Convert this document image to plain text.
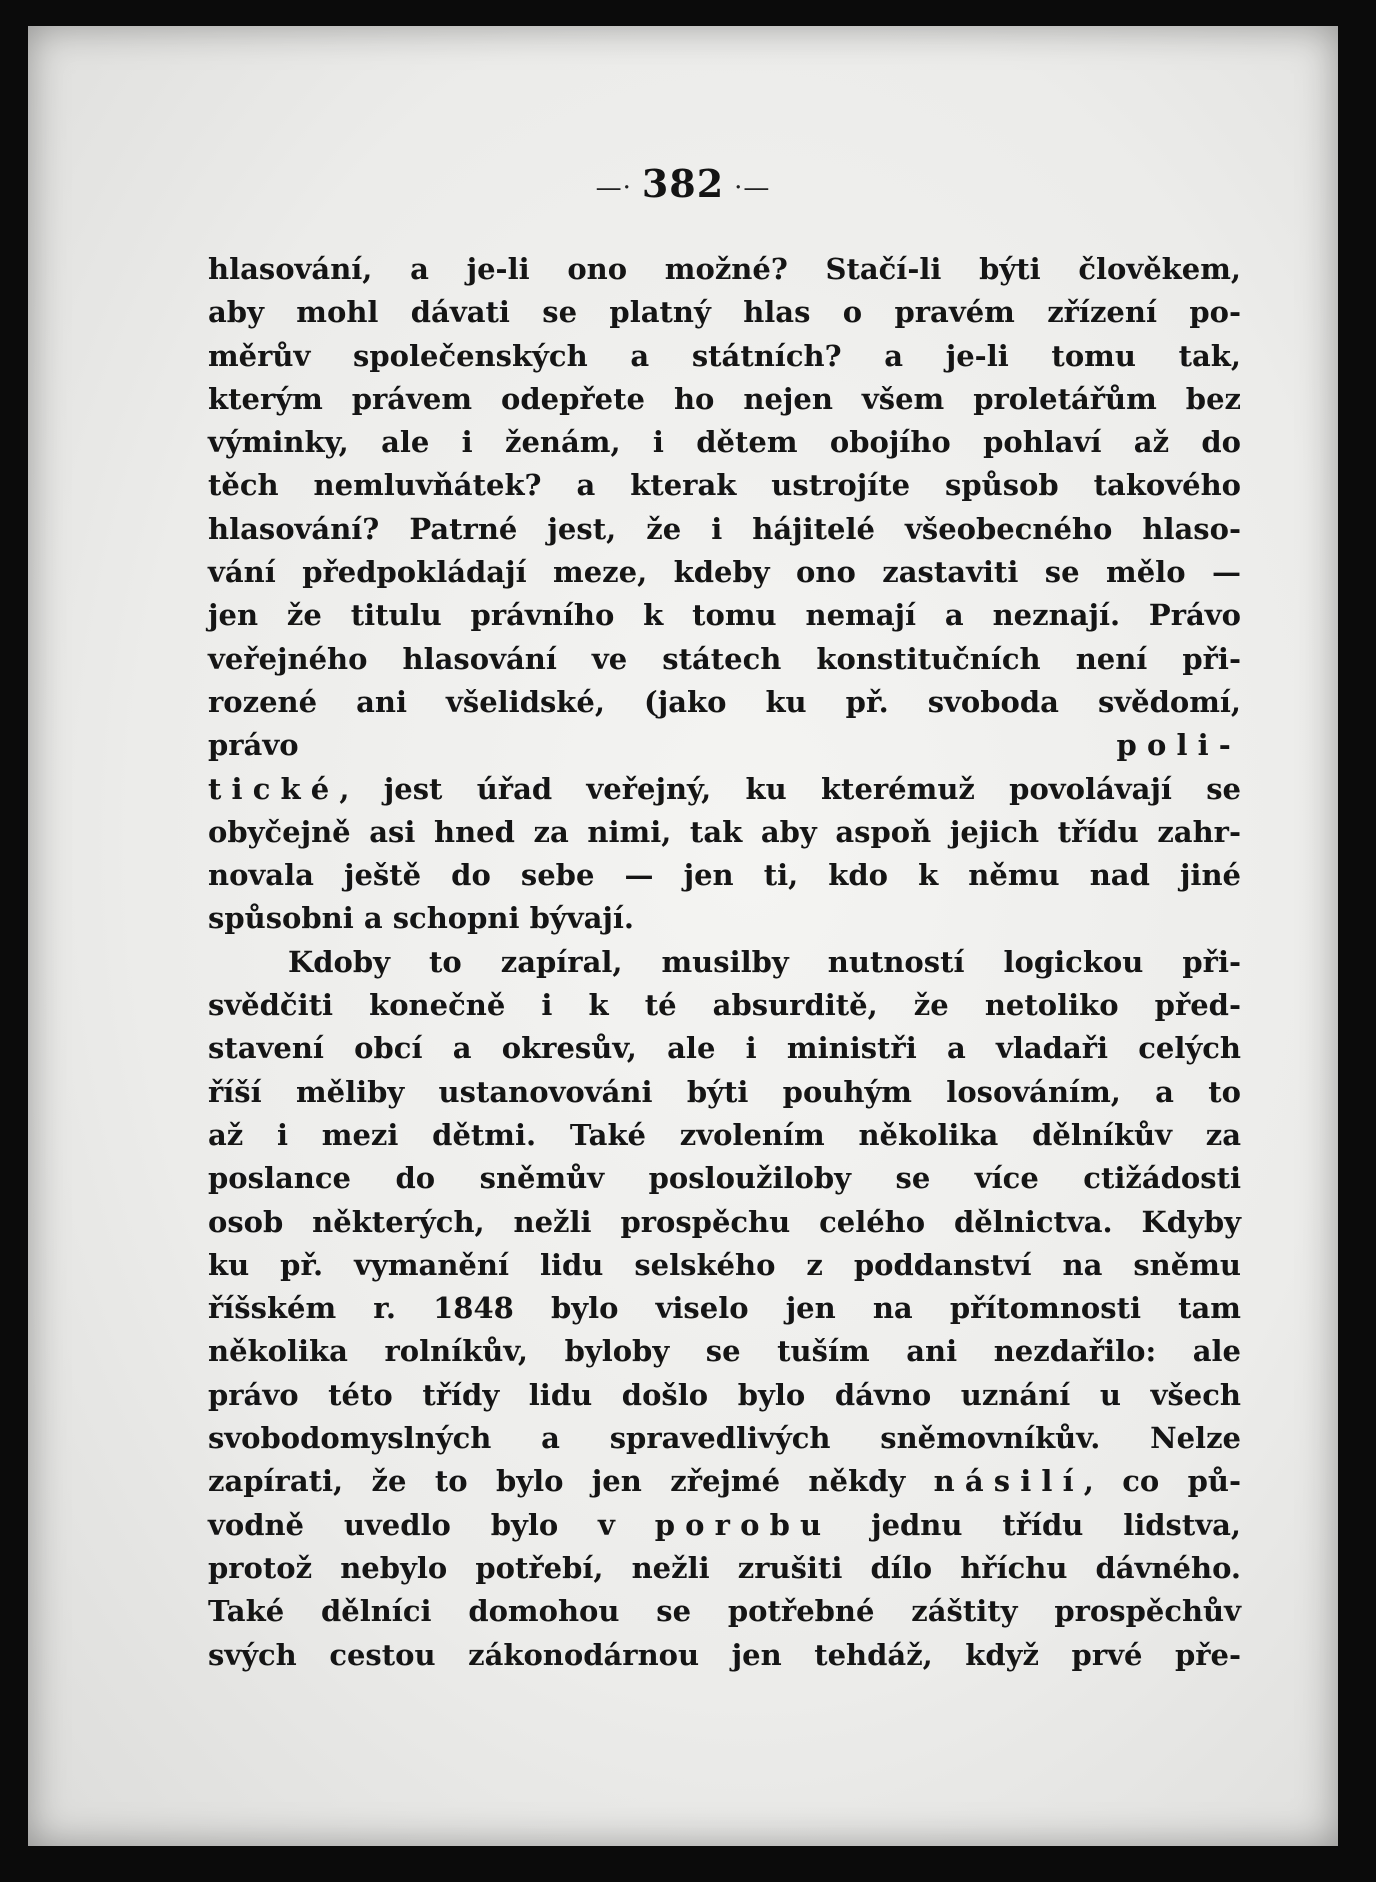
—· 382 ·—
hlasování, a je-li ono možné? Stačí-li býti člověkem,
aby mohl dávati se platný hlas o pravém zřízení po-
měrův společenských a státních? a je-li tomu tak,
kterým právem odepřete ho nejen všem proletářům bez
výminky, ale i ženám, i dětem obojího pohlaví až do
těch nemluvňátek? a kterak ustrojíte spůsob takového
hlasování? Patrné jest, že i hájitelé všeobecného hlaso-
vání předpokládají meze, kdeby ono zastaviti se mělo —
jen že titulu právního k tomu nemají a neznají. Právo
veřejného hlasování ve státech konstitučních není při-
rozené ani všelidské, (jako ku př. svoboda svědomí,
právo poli-
tické, jest úřad veřejný, ku kterémuž povolávají se
obyčejně asi hned za nimi, tak aby aspoň jejich třídu zahr-
novala ještě do sebe — jen ti, kdo k němu nad jiné
spůsobni a schopni bývají.
Kdoby to zapíral, musilby nutností logickou při-
svědčiti konečně i k té absurditě, že netoliko před-
stavení obcí a okresův, ale i ministři a vladaři celých
říší měliby ustanovováni býti pouhým losováním, a to
až i mezi dětmi. Také zvolením několika dělníkův za
poslance do sněmův posloužiloby se více ctižádosti
osob některých, nežli prospěchu celého dělnictva. Kdyby
ku př. vymanění lidu selského z poddanství na sněmu
říšském r. 1848 bylo viselo jen na přítomnosti tam
několika rolníkův, byloby se tuším ani nezdařilo: ale
právo této třídy lidu došlo bylo dávno uznání u všech
svobodomyslných a spravedlivých sněmovníkův. Nelze
zapírati, že to bylo jen zřejmé někdy násilí, co pů-
vodně uvedlo bylo v porobu jednu třídu lidstva,
protož nebylo potřebí, nežli zrušiti dílo hříchu dávného.
Také dělníci domohou se potřebné záštity prospěchův
svých cestou zákonodárnou jen tehdáž, když prvé pře-
